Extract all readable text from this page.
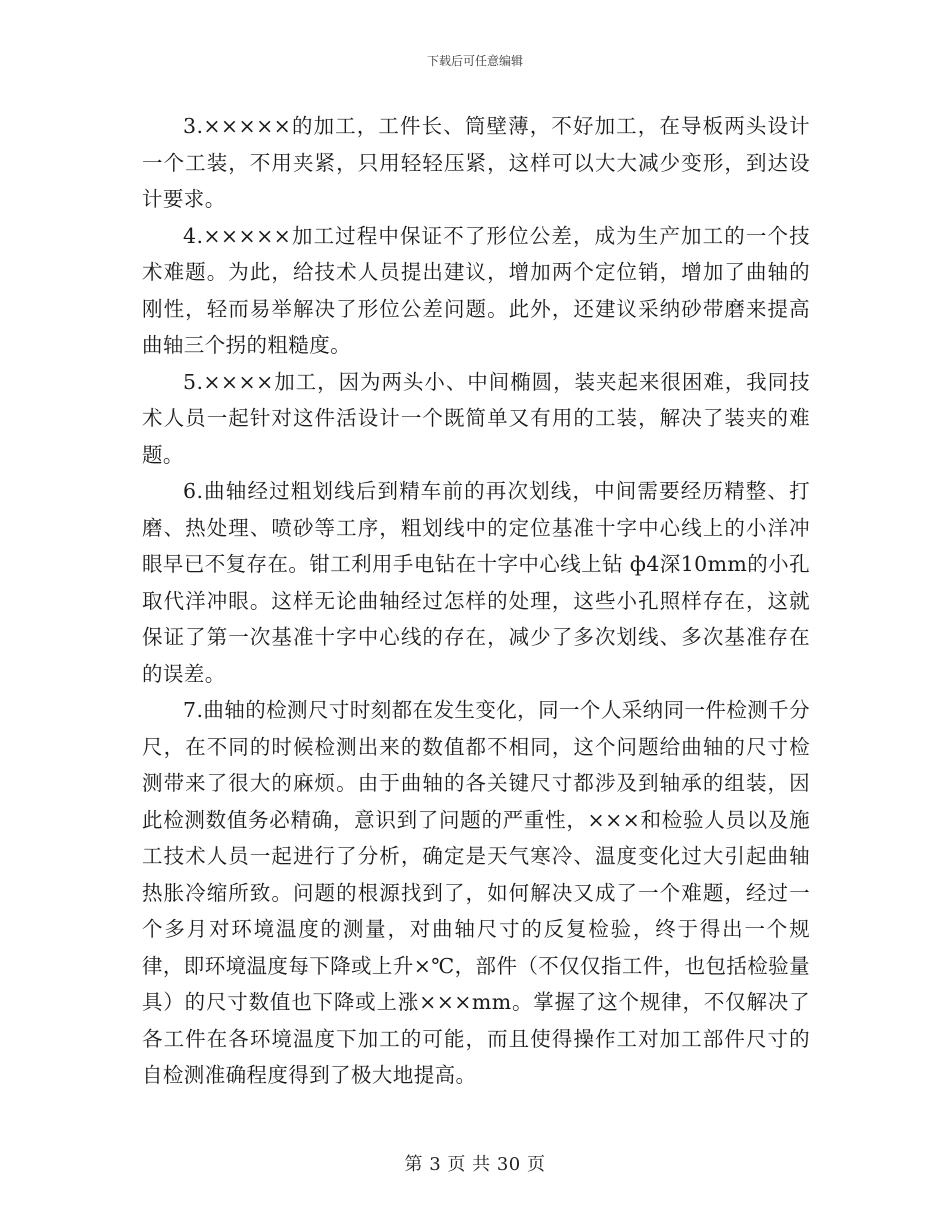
下载后可任意编辑

3.×××××的加工，工件长、筒壁薄，不好加工，在导板两头设计一个工装，不用夹紧，只用轻轻压紧，这样可以大大减少变形，到达设计要求。

4.×××××加工过程中保证不了形位公差，成为生产加工的一个技术难题。为此，给技术人员提出建议，增加两个定位销，增加了曲轴的刚性，轻而易举解决了形位公差问题。此外，还建议采纳砂带磨来提高曲轴三个拐的粗糙度。

5.××××加工，因为两头小、中间椭圆，装夹起来很困难，我同技术人员一起针对这件活设计一个既简单又有用的工装，解决了装夹的难题。

6.曲轴经过粗划线后到精车前的再次划线，中间需要经历精整、打磨、热处理、喷砂等工序，粗划线中的定位基准十字中心线上的小洋冲眼早已不复存在。钳工利用手电钻在十字中心线上钻 ф4深10mm的小孔取代洋冲眼。这样无论曲轴经过怎样的处理，这些小孔照样存在，这就保证了第一次基准十字中心线的存在，减少了多次划线、多次基准存在的误差。

7.曲轴的检测尺寸时刻都在发生变化，同一个人采纳同一件检测千分尺，在不同的时候检测出来的数值都不相同，这个问题给曲轴的尺寸检测带来了很大的麻烦。由于曲轴的各关键尺寸都涉及到轴承的组装，因此检测数值务必精确，意识到了问题的严重性，×××和检验人员以及施工技术人员一起进行了分析，确定是天气寒冷、温度变化过大引起曲轴热胀冷缩所致。问题的根源找到了，如何解决又成了一个难题，经过一个多月对环境温度的测量，对曲轴尺寸的反复检验，终于得出一个规律，即环境温度每下降或上升×℃，部件（不仅仅指工件，也包括检验量具）的尺寸数值也下降或上涨×××mm。掌握了这个规律，不仅解决了各工件在各环境温度下加工的可能，而且使得操作工对加工部件尺寸的自检测准确程度得到了极大地提高。

第 3 页 共 30 页
